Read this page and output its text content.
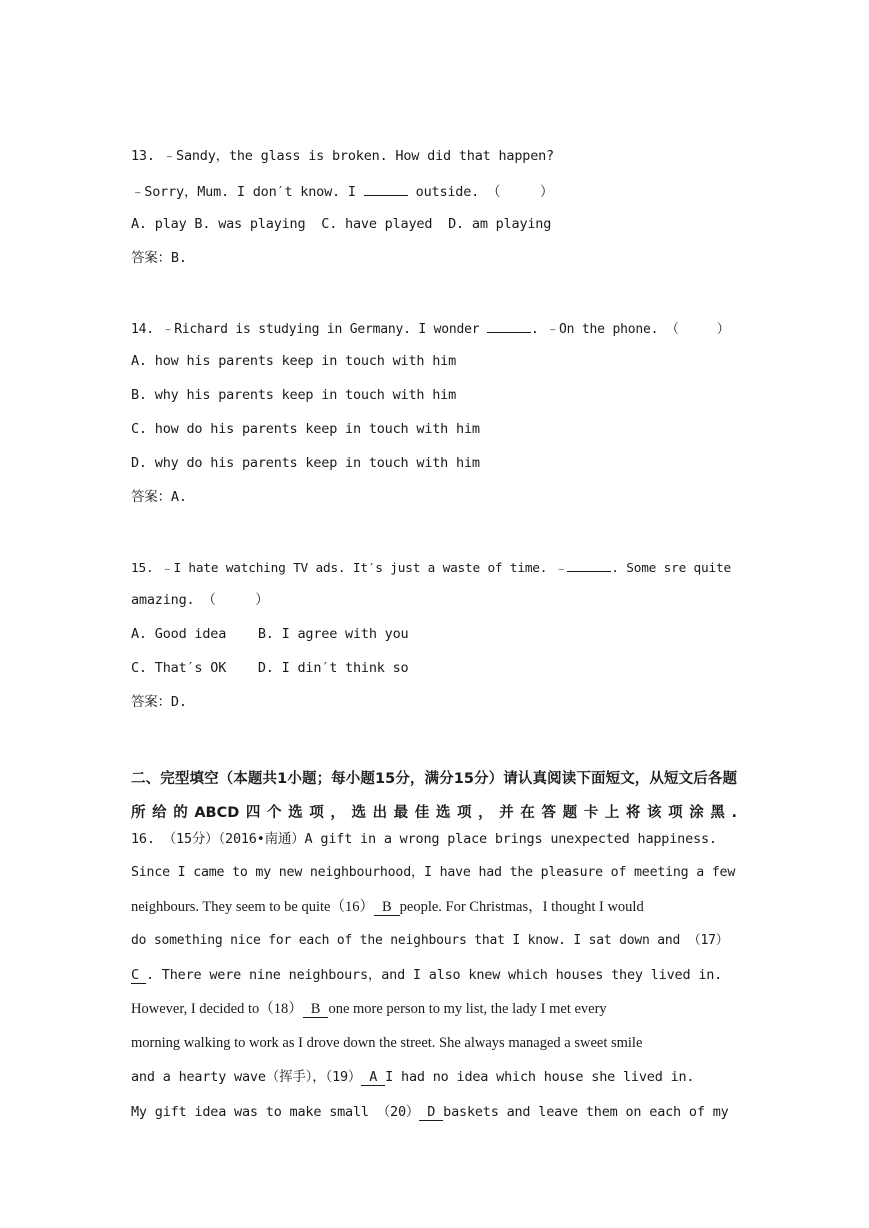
13. ﹣Sandy，the glass is broken. How did that happen?
﹣Sorry，Mum. I don′t know. I	outside. （     ）
A. play B. was playing  C. have played  D. am playing
答案：B.
14. ﹣Richard is studying in Germany. I wonder	. ﹣On the phone. （     ）
A. how his parents keep in touch with him
B. why his parents keep in touch with him
C. how do his parents keep in touch with him
D. why do his parents keep in touch with him
答案：A.
15. ﹣I hate watching TV ads. It′s just a waste of time. ﹣	. Some sre quite
amazing. （     ）
A. Good idea    B. I agree with you
C. That′s OK    D. I din′t think so
答案：D.
二、完型填空（本题共1小题；每小题15分，满分15分）请认真阅读下面短文，从短文后各题所给的ABCD四个选项，选出最佳选项，并在答题卡上将该项涂黑.
16. （15分）（2016•南通）A gift in a wrong place brings unexpected happiness.
Since I came to my new neighbourhood，I have had the pleasure of meeting a few
neighbours. They seem to be quite（16） B people. For Christmas，I thought I would
do something nice for each of the neighbours that I know. I sat down and （17）
C . There were nine neighbours，and I also knew which houses they lived in.
However, I decided to（18） B one more person to my list, the lady I met every
morning walking to work as I drove down the street. She always managed a sweet smile
and a hearty wave（挥手），（19） A I had no idea which house she lived in.
My gift idea was to make small （20） D baskets and leave them on each of my
